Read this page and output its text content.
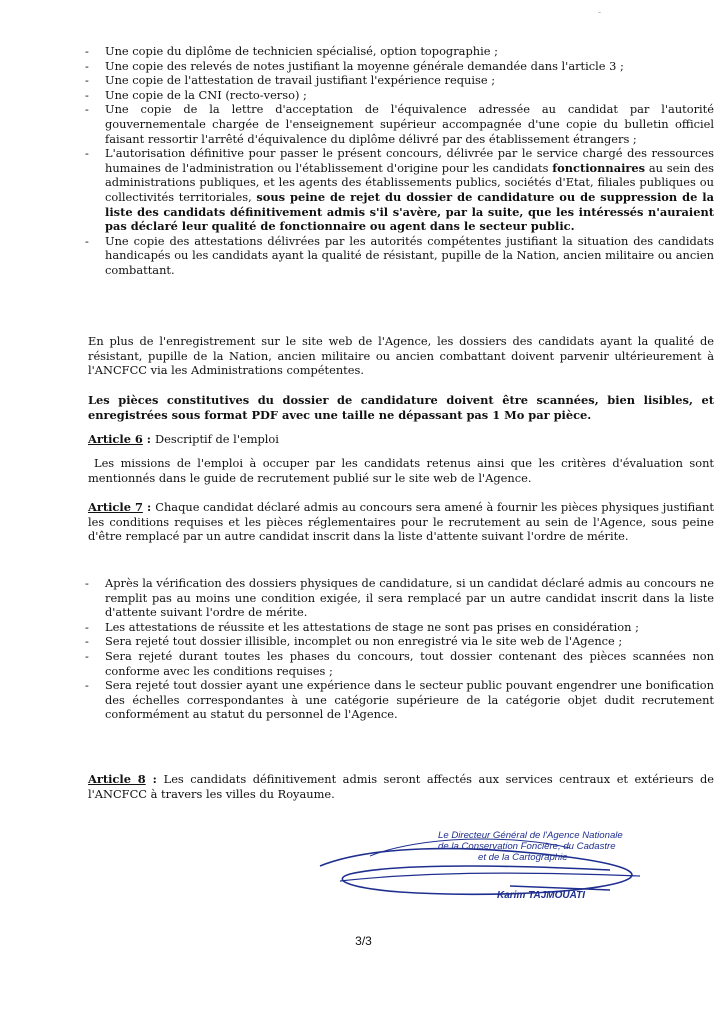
-
- Une copie du diplôme de technicien spécialisé, option topographie ;
- Une copie des relevés de notes justifiant la moyenne générale demandée dans l'article 3 ;
- Une copie de l'attestation de travail justifiant l'expérience requise ;
- Une copie de la CNI (recto-verso) ;
- Une copie de la lettre d'acceptation de l'équivalence adressée au candidat par l'autorité gouvernementale chargée de l'enseignement supérieur accompagnée d'une copie du bulletin officiel faisant ressortir l'arrêté d'équivalence du diplôme délivré par des établissement étrangers ;
- L'autorisation définitive pour passer le présent concours, délivrée par le service chargé des ressources humaines de l'administration ou l'établissement d'origine pour les candidats fonctionnaires au sein des administrations publiques, et les agents des établissements publics, sociétés d'Etat, filiales publiques ou collectivités territoriales, sous peine de rejet du dossier de candidature ou de suppression de la liste des candidats définitivement admis s'il s'avère, par la suite, que les intéressés n'auraient pas déclaré leur qualité de fonctionnaire ou agent dans le secteur public.
- Une copie des attestations délivrées par les autorités compétentes justifiant la situation des candidats handicapés ou les candidats ayant la qualité de résistant, pupille de la Nation, ancien militaire ou ancien combattant.

En plus de l'enregistrement sur le site web de l'Agence, les dossiers des candidats ayant la qualité de résistant, pupille de la Nation, ancien militaire ou ancien combattant doivent parvenir ultérieurement à l'ANCFCC via les Administrations compétentes.

Les pièces constitutives du dossier de candidature doivent être scannées, bien lisibles, et enregistrées sous format PDF avec une taille ne dépassant pas 1 Mo par pièce.

Article 6 : Descriptif de l'emploi

Les missions de l'emploi à occuper par les candidats retenus ainsi que les critères d'évaluation sont mentionnés dans le guide de recrutement publié sur le site web de l'Agence.

Article 7 : Chaque candidat déclaré admis au concours sera amené à fournir les pièces physiques justifiant les conditions requises et les pièces réglementaires pour le recrutement au sein de l'Agence, sous peine d'être remplacé par un autre candidat inscrit dans la liste d'attente suivant l'ordre de mérite.

- Après la vérification des dossiers physiques de candidature, si un candidat déclaré admis au concours ne remplit pas au moins une condition exigée, il sera remplacé par un autre candidat inscrit dans la liste d'attente suivant l'ordre de mérite.
- Les attestations de réussite et les attestations de stage ne sont pas prises en considération ;
- Sera rejeté tout dossier illisible, incomplet ou non enregistré via le site web de l'Agence ;
- Sera rejeté durant toutes les phases du concours, tout dossier contenant des pièces scannées non conforme avec les conditions requises ;
- Sera rejeté tout dossier ayant une expérience dans le secteur public pouvant engendrer une bonification des échelles correspondantes à une catégorie supérieure de la catégorie objet dudit recrutement conformément au statut du personnel de l'Agence.

Article 8 : Les candidats définitivement admis seront affectés aux services centraux et extérieurs de l'ANCFCC à travers les villes du Royaume.

Le Directeur Général de l'Agence Nationale
de la Conservation Foncière, du Cadastre
et de la Cartographie
Karim TAJMOUATI
3/3
